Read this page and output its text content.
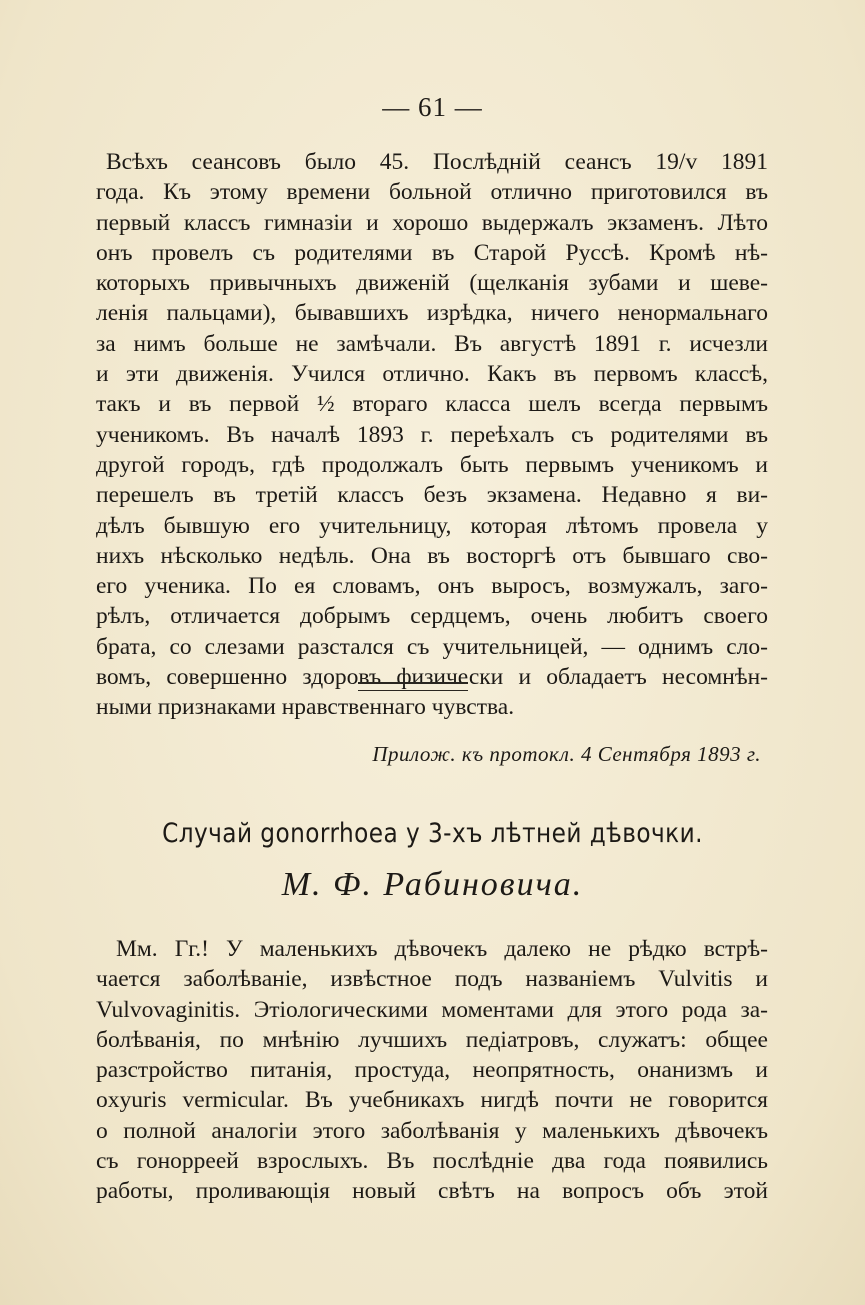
— 61 —
Всѣхъ сеансовъ было 45. Послѣднiй сеансъ 19/v 1891
года. Къ этому времени больной отлично приготовился въ
первый классъ гимназiи и хорошо выдержалъ экзаменъ. Лѣто
онъ провелъ съ родителями въ Старой Руссѣ. Кромѣ нѣ-
которыхъ привычныхъ движенiй (щелканiя зубами и шеве-
ленiя пальцами), бывавшихъ изрѣдка, ничего ненормальнаго
за нимъ больше не замѣчали. Въ августѣ 1891 г. исчезли
и эти движенiя. Учился отлично. Какъ въ первомъ классѣ,
такъ и въ первой ½ втораго класса шелъ всегда первымъ
ученикомъ. Въ началѣ 1893 г. переѣхалъ съ родителями въ
другой городъ, гдѣ продолжалъ быть первымъ ученикомъ и
перешелъ въ третiй классъ безъ экзамена. Недавно я ви-
дѣлъ бывшую его учительницу, которая лѣтомъ провела у
нихъ нѣсколько недѣль. Она въ восторгѣ отъ бывшаго сво-
его ученика. По ея словамъ, онъ выросъ, возмужалъ, заго-
рѣлъ, отличается добрымъ сердцемъ, очень любитъ своего
брата, со слезами разстался съ учительницей, — однимъ сло-
вомъ, совершенно здоровъ физически и обладаетъ несомнѣн-
ными признаками нравственнаго чувства.
Прилож. къ протокл. 4 Сентября 1893 г.
Случай gonorrhoea у 3-хъ лѣтней дѣвочки.
М. Ф. Рабиновича.
Мм. Гг.! У маленькихъ дѣвочекъ далеко не рѣдко встрѣ-
чается заболѣванiе, извѣстное подъ названiемъ Vulvitis и
Vulvovaginitis. Этiологическими моментами для этого рода за-
болѣванiя, по мнѣнiю лучшихъ педiатровъ, служатъ: общее
разстройство питанiя, простуда, неопрятность, онанизмъ и
oxyuris vermicular. Въ учебникахъ нигдѣ почти не говорится
о полной аналогiи этого заболѣванiя у маленькихъ дѣвочекъ
съ гонорреей взрослыхъ. Въ послѣднiе два года появились
работы, проливающiя новый свѣтъ на вопросъ объ этой
